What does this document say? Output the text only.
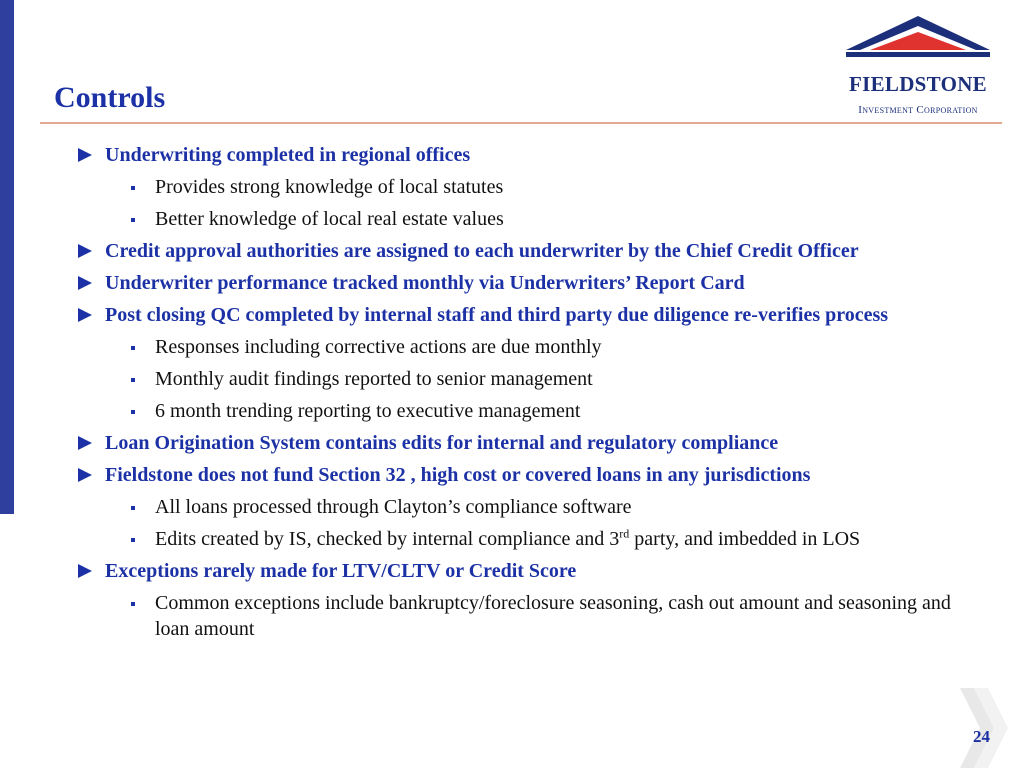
Controls	FIELDSTONE
Investment Corporation
Underwriting completed in regional offices
Provides strong knowledge of local statutes
Better knowledge of local real estate values
Credit approval authorities are assigned to each underwriter by the Chief Credit Officer
Underwriter performance tracked monthly via Underwriters’ Report Card
Post closing QC completed by internal staff and third party due diligence re-verifies process
Responses including corrective actions are due monthly
Monthly audit findings reported to senior management
6 month trending reporting to executive management
Loan Origination System contains edits for internal and regulatory compliance
Fieldstone does not fund Section 32 , high cost or covered loans in any jurisdictions
All loans processed through Clayton’s compliance software
Edits created by IS, checked by internal compliance and 3rd party, and imbedded in LOS
Exceptions rarely made for LTV/CLTV or Credit Score
Common exceptions include bankruptcy/foreclosure seasoning, cash out amount and seasoning and loan amount
24
